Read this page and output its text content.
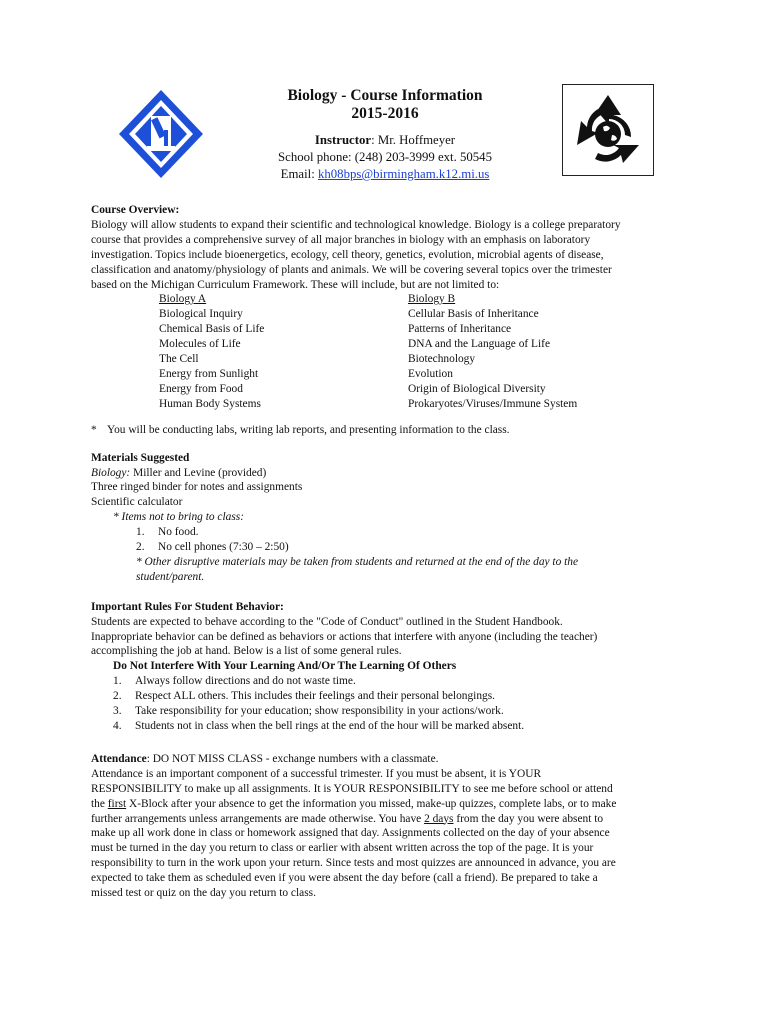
Biology - Course Information
2015-2016
Instructor: Mr. Hoffmeyer
School phone: (248) 203-3999 ext. 50545
Email: kh08bps@birmingham.k12.mi.us
Course Overview:
Biology will allow students to expand their scientific and technological knowledge. Biology is a college preparatory
course that provides a comprehensive survey of all major branches in biology with an emphasis on laboratory
investigation. Topics include bioenergetics, ecology, cell theory, genetics, evolution, microbial agents of disease,
classification and anatomy/physiology of plants and animals. We will be covering several topics over the trimester
based on the Michigan Curriculum Framework. These will include, but are not limited to:
Biology A
Biological Inquiry
Chemical Basis of Life
Molecules of Life
The Cell
Energy from Sunlight
Energy from Food
Human Body Systems
Biology B
Cellular Basis of Inheritance
Patterns of Inheritance
DNA and the Language of Life
Biotechnology
Evolution
Origin of Biological Diversity
Prokaryotes/Viruses/Immune System
* You will be conducting labs, writing lab reports, and presenting information to the class.
Materials Suggested
Biology: Miller and Levine (provided)
Three ringed binder for notes and assignments
Scientific calculator
* Items not to bring to class:
1. No food.
2. No cell phones (7:30 – 2:50)
* Other disruptive materials may be taken from students and returned at the end of the day to the
student/parent.
Important Rules For Student Behavior:
Students are expected to behave according to the "Code of Conduct" outlined in the Student Handbook.
Inappropriate behavior can be defined as behaviors or actions that interfere with anyone (including the teacher)
accomplishing the job at hand. Below is a list of some general rules.
Do Not Interfere With Your Learning And/Or The Learning Of Others
1. Always follow directions and do not waste time.
2. Respect ALL others. This includes their feelings and their personal belongings.
3. Take responsibility for your education; show responsibility in your actions/work.
4. Students not in class when the bell rings at the end of the hour will be marked absent.
Attendance: DO NOT MISS CLASS - exchange numbers with a classmate.
Attendance is an important component of a successful trimester. If you must be absent, it is YOUR
RESPONSIBILITY to make up all assignments. It is YOUR RESPONSIBILITY to see me before school or attend
the first X-Block after your absence to get the information you missed, make-up quizzes, complete labs, or to make
further arrangements unless arrangements are made otherwise. You have 2 days from the day you were absent to
make up all work done in class or homework assigned that day. Assignments collected on the day of your absence
must be turned in the day you return to class or earlier with absent written across the top of the page. It is your
responsibility to turn in the work upon your return. Since tests and most quizzes are announced in advance, you are
expected to take them as scheduled even if you were absent the day before (call a friend). Be prepared to take a
missed test or quiz on the day you return to class.
